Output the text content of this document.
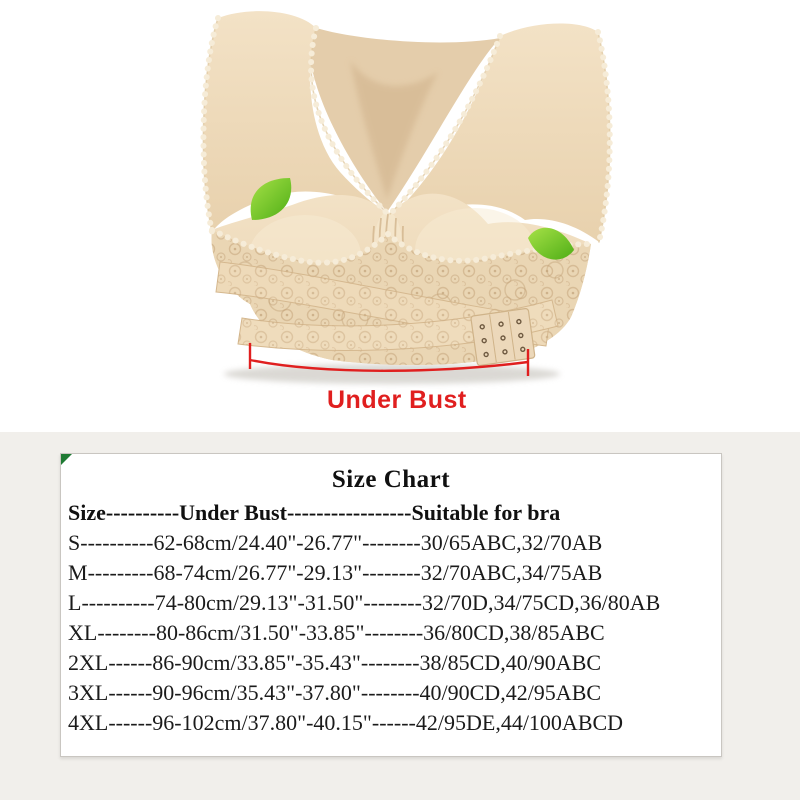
Under Bust
Size Chart
Size----------Under Bust-----------------Suitable for bra
S----------62-68cm/24.40"-26.77"--------30/65ABC,32/70AB
M---------68-74cm/26.77"-29.13"--------32/70ABC,34/75AB
L----------74-80cm/29.13"-31.50"--------32/70D,34/75CD,36/80AB
XL--------80-86cm/31.50"-33.85"--------36/80CD,38/85ABC
2XL------86-90cm/33.85"-35.43"--------38/85CD,40/90ABC
3XL------90-96cm/35.43"-37.80"--------40/90CD,42/95ABC
4XL------96-102cm/37.80"-40.15"------42/95DE,44/100ABCD
